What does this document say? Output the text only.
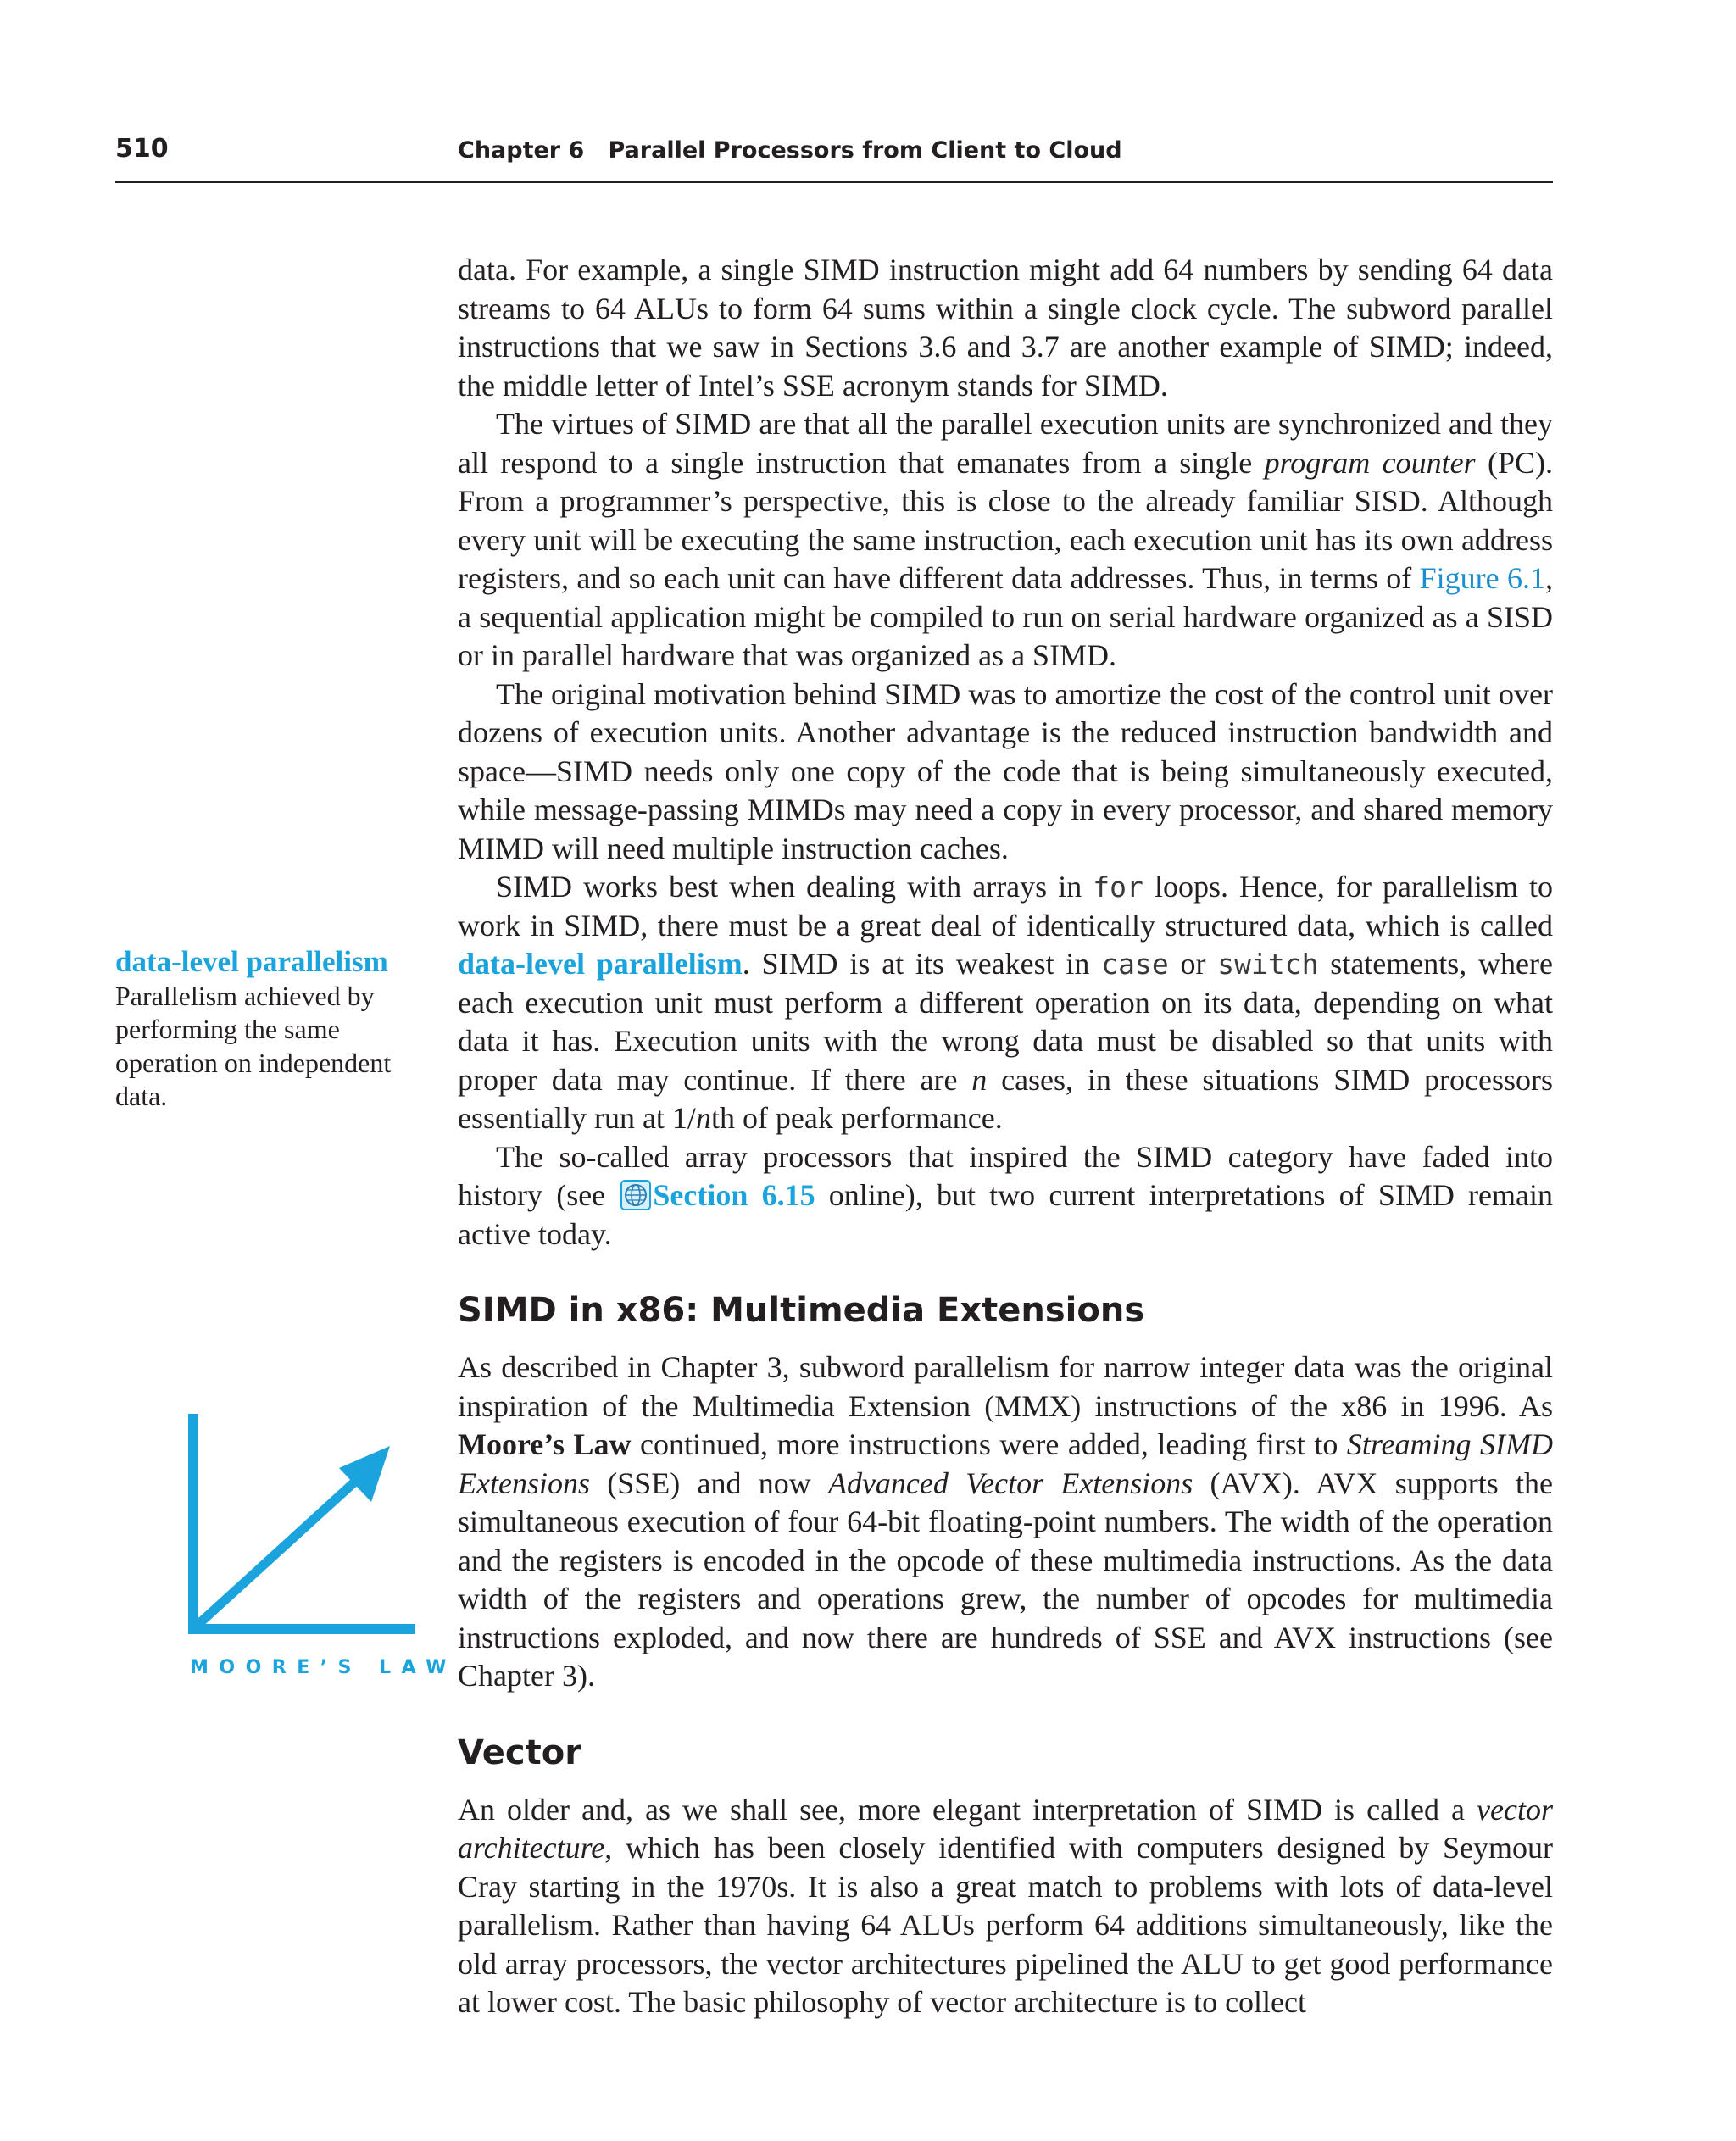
510	Chapter 6   Parallel Processors from Client to Cloud
data-level parallelism  Parallelism achieved by performing the same operation on independent data.
MOORE’S LAW

data. For example, a single SIMD instruction might add 64 numbers by sending 64 data streams to 64 ALUs to form 64 sums within a single clock cycle. The subword parallel instructions that we saw in Sections 3.6 and 3.7 are another example of SIMD; indeed, the middle letter of Intel’s SSE acronym stands for SIMD.

The virtues of SIMD are that all the parallel execution units are synchronized and they all respond to a single instruction that emanates from a single program counter (PC). From a programmer’s perspective, this is close to the already familiar SISD. Although every unit will be executing the same instruction, each execution unit has its own address registers, and so each unit can have different data addresses. Thus, in terms of Figure 6.1, a sequential application might be compiled to run on serial hardware organized as a SISD or in parallel hardware that was organized as a SIMD.

The original motivation behind SIMD was to amortize the cost of the control unit over dozens of execution units. Another advantage is the reduced instruction bandwidth and space—SIMD needs only one copy of the code that is being simultaneously executed, while message-passing MIMDs may need a copy in every processor, and shared memory MIMD will need multiple instruction caches.

SIMD works best when dealing with arrays in for loops. Hence, for parallelism to work in SIMD, there must be a great deal of identically structured data, which is called data-level parallelism. SIMD is at its weakest in case or switch statements, where each execution unit must perform a different operation on its data, depending on what data it has. Execution units with the wrong data must be disabled so that units with proper data may continue. If there are n cases, in these situations SIMD processors essentially run at 1/nth of peak performance.

The so-called array processors that inspired the SIMD category have faded into history (see Section 6.15 online), but two current interpretations of SIMD remain active today.

SIMD in x86: Multimedia Extensions

As described in Chapter 3, subword parallelism for narrow integer data was the original inspiration of the Multimedia Extension (MMX) instructions of the x86 in 1996. As Moore’s Law continued, more instructions were added, leading first to Streaming SIMD Extensions (SSE) and now Advanced Vector Extensions (AVX). AVX supports the simultaneous execution of four 64-bit floating-point numbers. The width of the operation and the registers is encoded in the opcode of these multimedia instructions. As the data width of the registers and operations grew, the number of opcodes for multimedia instructions exploded, and now there are hundreds of SSE and AVX instructions (see Chapter 3).

Vector

An older and, as we shall see, more elegant interpretation of SIMD is called a vector architecture, which has been closely identified with computers designed by Seymour Cray starting in the 1970s. It is also a great match to problems with lots of data-level parallelism. Rather than having 64 ALUs perform 64 additions simultaneously, like the old array processors, the vector architectures pipelined the ALU to get good performance at lower cost. The basic philosophy of vector architecture is to collect
